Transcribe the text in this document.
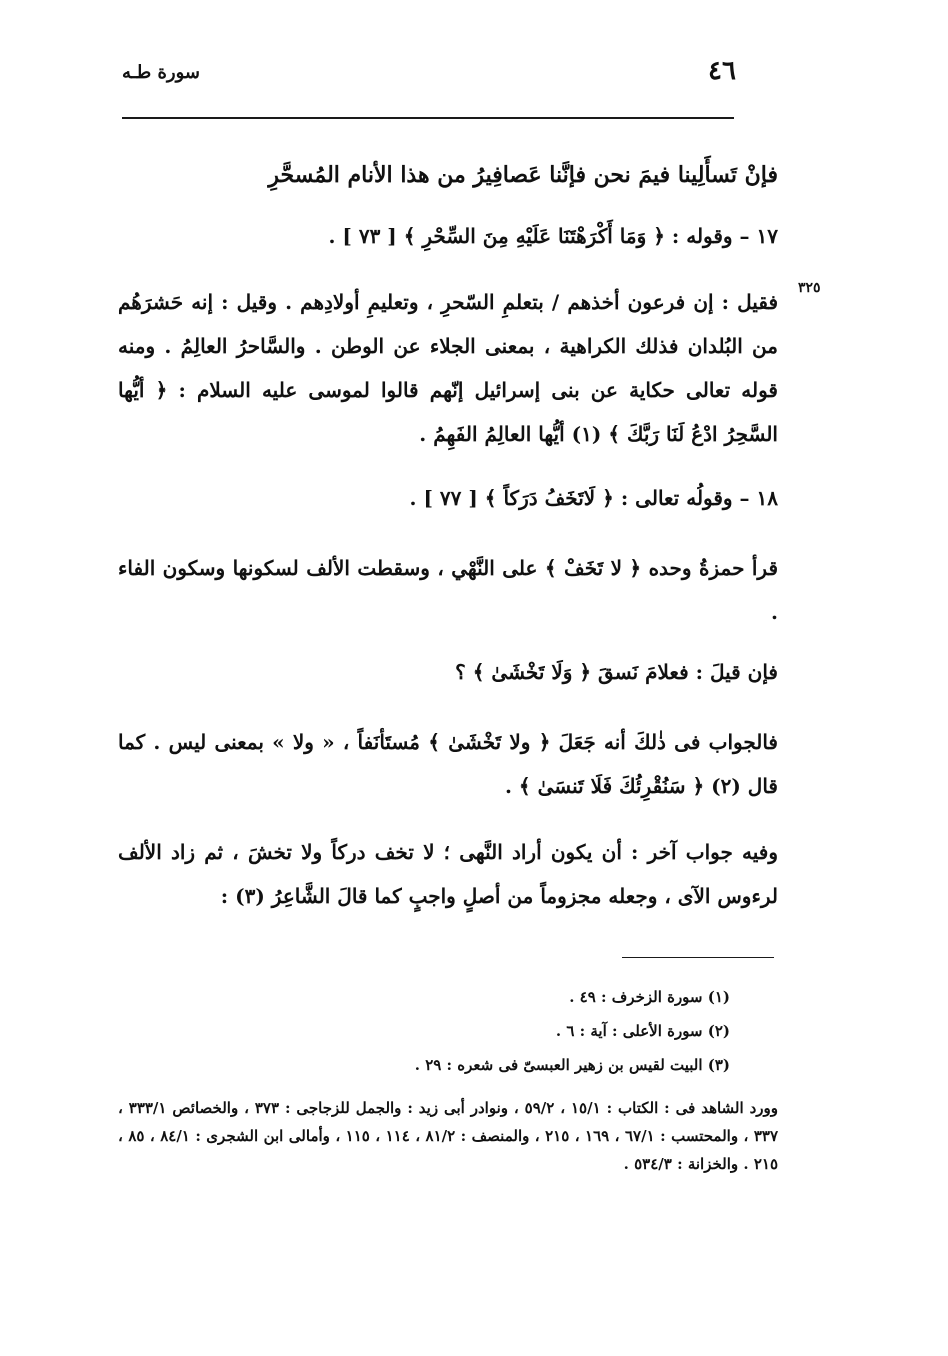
سورة طـه	٤٦
٣٢٥
فإنْ تَسأَلِينا فيمَ نحن فإنَّنا عَصافِيرُ من هذا الأنام المُسحَّرِ
١٧ – وقوله : ﴿ وَمَا أَكْرَهْتَنَا عَلَيْهِ مِنَ السِّحْرِ ﴾ [ ٧٣ ] .
فقيل : إن فرعون أخذهم / بتعلمِ السّحرِ ، وتعليمِ أولادِهم . وقيل : إنه حَشرَهُم من البُلدان فذلك الكراهية ، بمعنى الجلاء عن الوطن . والسَّاحرُ العالِمُ . ومنه قوله تعالى حكاية عن بنى إسرائيل إنّهم قالوا لموسى عليه السلام : ﴿ أيُّها السَّحِرُ ادْعُ لَنَا رَبَّكَ ﴾ (١) أيُّها العالِمُ الفَهِمُ .
١٨ – وقولُه تعالى : ﴿ لَاتَخَفُ دَرَكاً ﴾ [ ٧٧ ] .
قرأ حمزةُ وحده ﴿ لا تَخَفْ ﴾ على النَّهْي ، وسقطت الألف لسكونها وسكون الفاء .
فإن قيلَ : فعلامَ نَسقَ ﴿ وَلَا تَخْشَىٰ ﴾ ؟
فالجواب فى ذٰلكَ أنه جَعَلَ ﴿ ولا تَخْشَىٰ ﴾ مُستَأنَفاً ، « ولا » بمعنى ليس . كما قال (٢) ﴿ سَنُقْرِئُكَ فَلَا تَنسَىٰ ﴾ .
وفيه جواب آخر : أن يكون أراد النَّهى ؛ لا تخف دركاً ولا تخشَ ، ثم زاد الألف لرءوس الآى ، وجعله مجزوماً من أصلٍ واجبٍ كما قالَ الشَّاعِرُ (٣) :
(١) سورة الزخرف : ٤٩ .
(٢) سورة الأعلى : آية : ٦ .
(٣) البيت لقيس بن زهير العبسىّ فى شعره : ٢٩ .
وورد الشاهد فى : الكتاب : ١٥/١ ، ٥٩/٢ ، ونوادر أبى زيد : والجمل للزجاجى : ٣٧٣ ، والخصائص ٣٣٣/١ ، ٣٣٧ ، والمحتسب : ٦٧/١ ، ١٦٩ ، ٢١٥ ، والمنصف : ٨١/٢ ، ١١٤ ، ١١٥ ، وأمالى ابن الشجرى : ٨٤/١ ، ٨٥ ، ٢١٥ . والخزانة : ٥٣٤/٣ .
